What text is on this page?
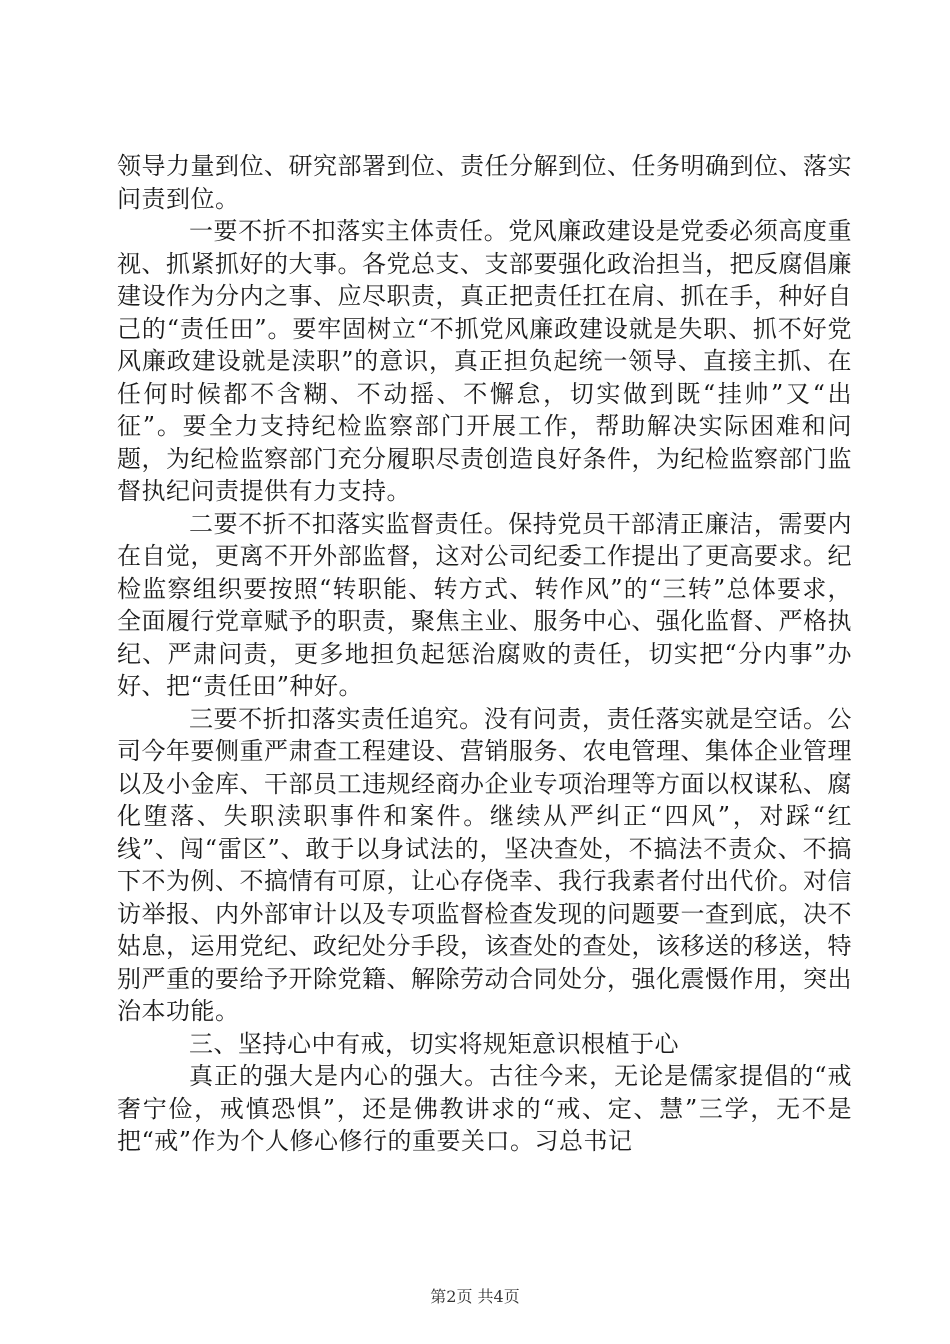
领导力量到位、研究部署到位、责任分解到位、任务明确到位、落实问责到位。

一要不折不扣落实主体责任。党风廉政建设是党委必须高度重视、抓紧抓好的大事。各党总支、支部要强化政治担当，把反腐倡廉建设作为分内之事、应尽职责，真正把责任扛在肩、抓在手，种好自己的“责任田”。要牢固树立“不抓党风廉政建设就是失职、抓不好党风廉政建设就是渎职”的意识，真正担负起统一领导、直接主抓、在任何时候都不含糊、不动摇、不懈怠，切实做到既“挂帅”又“出征”。要全力支持纪检监察部门开展工作，帮助解决实际困难和问题，为纪检监察部门充分履职尽责创造良好条件，为纪检监察部门监督执纪问责提供有力支持。

二要不折不扣落实监督责任。保持党员干部清正廉洁，需要内在自觉，更离不开外部监督，这对公司纪委工作提出了更高要求。纪检监察组织要按照“转职能、转方式、转作风”的“三转”总体要求，全面履行党章赋予的职责，聚焦主业、服务中心、强化监督、严格执纪、严肃问责，更多地担负起惩治腐败的责任，切实把“分内事”办好、把“责任田”种好。

三要不折扣落实责任追究。没有问责，责任落实就是空话。公司今年要侧重严肃查工程建设、营销服务、农电管理、集体企业管理以及小金库、干部员工违规经商办企业专项治理等方面以权谋私、腐化堕落、失职渎职事件和案件。继续从严纠正“四风”，对踩“红线”、闯“雷区”、敢于以身试法的，坚决查处，不搞法不责众、不搞下不为例、不搞情有可原，让心存侥幸、我行我素者付出代价。对信访举报、内外部审计以及专项监督检查发现的问题要一查到底，决不姑息，运用党纪、政纪处分手段，该查处的查处，该移送的移送，特别严重的要给予开除党籍、解除劳动合同处分，强化震慑作用，突出治本功能。

三、坚持心中有戒，切实将规矩意识根植于心

真正的强大是内心的强大。古往今来，无论是儒家提倡的“戒奢宁俭，戒慎恐惧”，还是佛教讲求的“戒、定、慧”三学，无不是把“戒”作为个人修心修行的重要关口。习总书记

第2页 共4页
